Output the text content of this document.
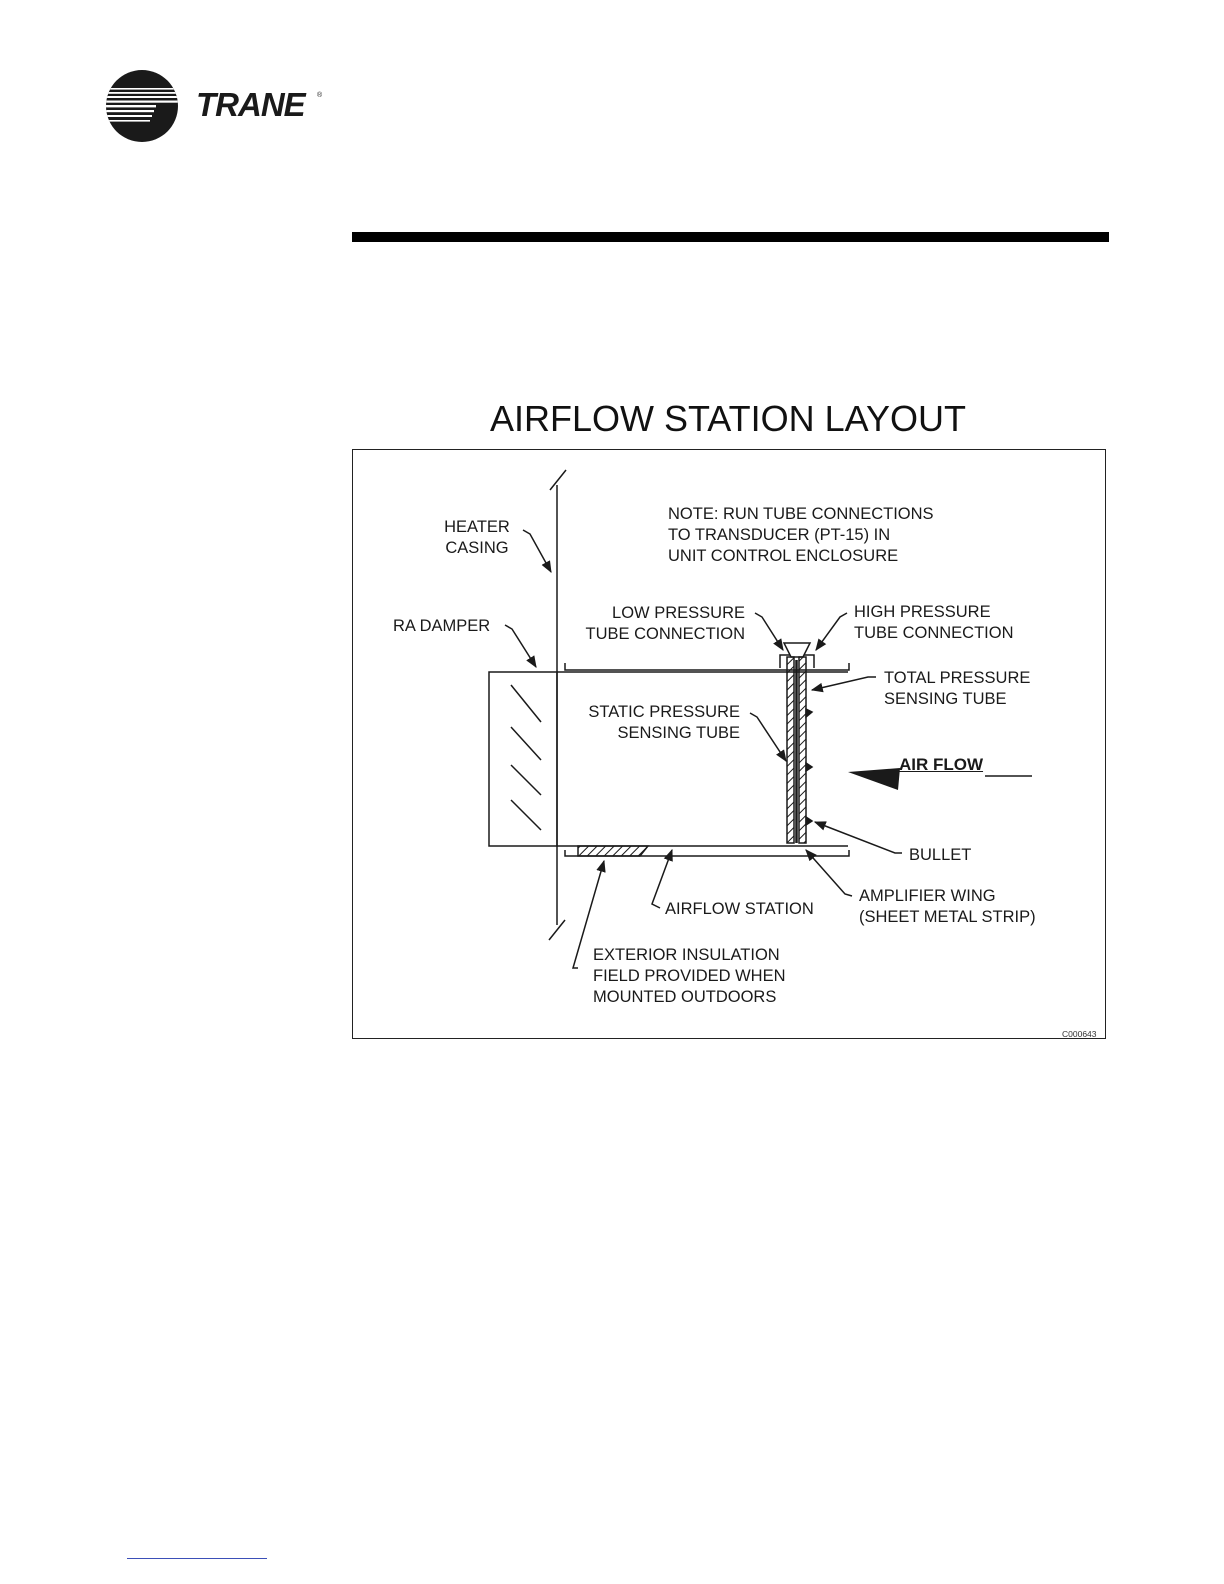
TRANE ®
AIRFLOW STATION LAYOUT
HEATER
CASING
NOTE: RUN TUBE CONNECTIONS
TO TRANSDUCER (PT-15) IN
UNIT CONTROL ENCLOSURE
RA DAMPER
LOW PRESSURE
TUBE CONNECTION
HIGH PRESSURE
TUBE CONNECTION
TOTAL PRESSURE
SENSING TUBE
STATIC PRESSURE
SENSING TUBE
AIR FLOW
BULLET
AMPLIFIER WING
(SHEET METAL STRIP)
AIRFLOW STATION
EXTERIOR INSULATION
FIELD PROVIDED WHEN
MOUNTED OUTDOORS
C000643
